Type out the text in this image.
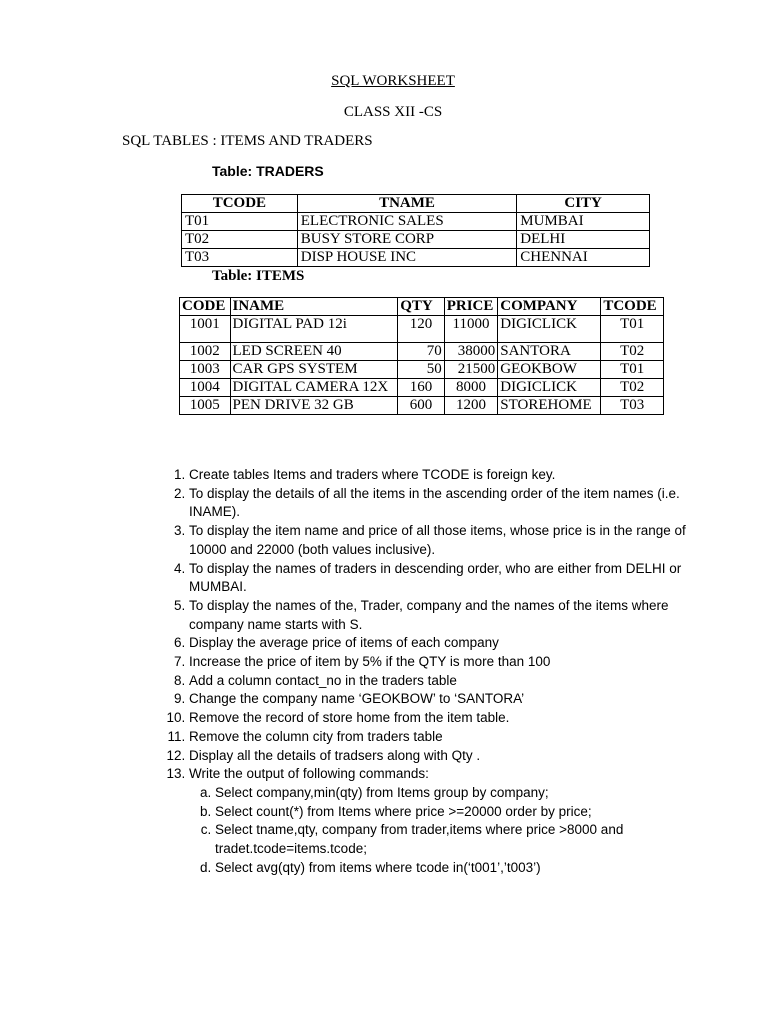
SQL WORKSHEET
CLASS XII -CS
SQL TABLES : ITEMS AND TRADERS
Table: TRADERS
TCODE	TNAME	CITY
T01	ELECTRONIC SALES	MUMBAI
T02	BUSY STORE CORP	DELHI
T03	DISP HOUSE INC	CHENNAI
Table: ITEMS
CODE	INAME	QTY	PRICE	COMPANY	TCODE
1001	DIGITAL PAD 12i	120	11000	DIGICLICK	T01
1002	LED SCREEN 40	70	38000	SANTORA	T02
1003	CAR GPS SYSTEM	50	21500	GEOKBOW	T01
1004	DIGITAL CAMERA 12X	160	8000	DIGICLICK	T02
1005	PEN DRIVE 32 GB	600	1200	STOREHOME	T03
1. Create tables Items and traders where TCODE is foreign key.
2. To display the details of all the items in the ascending order of the item names (i.e. INAME).
3. To display the item name and price of all those items, whose price is in the range of 10000 and 22000 (both values inclusive).
4. To display the names of traders in descending order, who are either from DELHI or MUMBAI.
5. To display the names of the, Trader, company and the names of the items where company name starts with S.
6. Display the average price of items of each company
7. Increase the price of item by 5% if the QTY is more than 100
8. Add a column contact_no in the traders table
9. Change the company name ‘GEOKBOW’ to ‘SANTORA’
10. Remove the record of store home from the item table.
11. Remove the column city from traders table
12. Display all the details of tradsers along with Qty .
13. Write the output of following commands:
a. Select company,min(qty) from Items group by company;
b. Select count(*) from Items where price >=20000 order by price;
c. Select tname,qty, company from trader,items where price >8000 and tradet.tcode=items.tcode;
d. Select avg(qty) from items where tcode in(‘t001’,’t003’)
